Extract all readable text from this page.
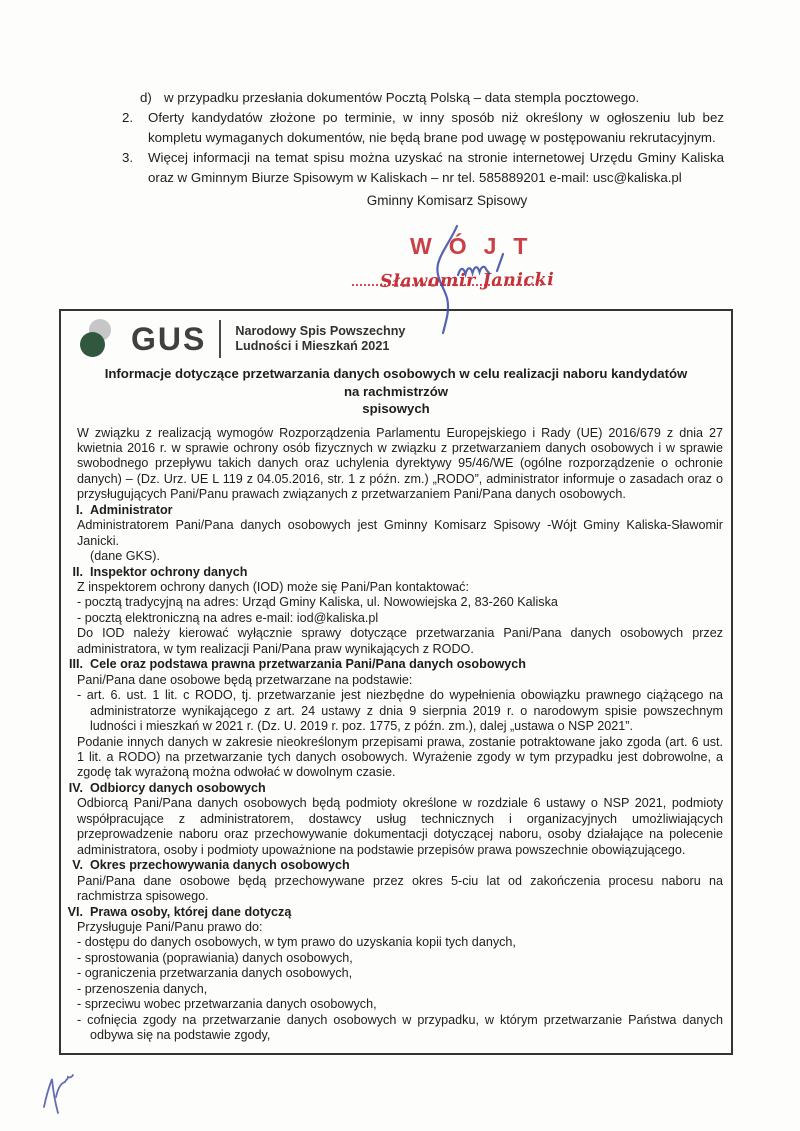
d) w przypadku przesłania dokumentów Pocztą Polską – data stempla pocztowego.
2.	Oferty kandydatów złożone po terminie, w inny sposób niż określony w ogłoszeniu lub bez kompletu wymaganych dokumentów, nie będą brane pod uwagę w postępowaniu rekrutacyjnym.
3.	Więcej informacji na temat spisu można uzyskać na stronie internetowej Urzędu Gminy Kaliska oraz w Gminnym Biurze Spisowym w Kaliskach – nr tel. 585889201 e-mail: usc@kaliska.pl
Gminny Komisarz Spisowy
WÓJT
Sławomir Janicki
GUS Narodowy Spis Powszechny
Ludności i Mieszkań 2021
Informacje dotyczące przetwarzania danych osobowych w celu realizacji naboru kandydatów na rachmistrzów
spisowych

W związku z realizacją wymogów Rozporządzenia Parlamentu Europejskiego i Rady (UE) 2016/679 z dnia 27 kwietnia 2016 r. w sprawie ochrony osób fizycznych w związku z przetwarzaniem danych osobowych i w sprawie swobodnego przepływu takich danych oraz uchylenia dyrektywy 95/46/WE (ogólne rozporządzenie o ochronie danych) – (Dz. Urz. UE L 119 z 04.05.2016, str. 1 z późn. zm.) „RODO”, administrator informuje o zasadach oraz o przysługujących Pani/Panu prawach związanych z przetwarzaniem Pani/Pana danych osobowych.

I. Administrator

Administratorem Pani/Pana danych osobowych jest Gminny Komisarz Spisowy -Wójt Gminy Kaliska-Sławomir Janicki.

(dane GKS).

II. Inspektor ochrony danych

Z inspektorem ochrony danych (IOD) może się Pani/Pan kontaktować:

- pocztą tradycyjną na adres: Urząd Gminy Kaliska, ul. Nowowiejska 2, 83-260 Kaliska

- pocztą elektroniczną na adres e-mail: iod@kaliska.pl

Do IOD należy kierować wyłącznie sprawy dotyczące przetwarzania Pani/Pana danych osobowych przez administratora, w tym realizacji Pani/Pana praw wynikających z RODO.

III. Cele oraz podstawa prawna przetwarzania Pani/Pana danych osobowych

Pani/Pana dane osobowe będą przetwarzane na podstawie:

- art. 6. ust. 1 lit. c RODO, tj. przetwarzanie jest niezbędne do wypełnienia obowiązku prawnego ciążącego na administratorze wynikającego z art. 24 ustawy z dnia 9 sierpnia 2019 r. o narodowym spisie powszechnym ludności i mieszkań w 2021 r. (Dz. U. 2019 r. poz. 1775, z późn. zm.), dalej „ustawa o NSP 2021”.

Podanie innych danych w zakresie nieokreślonym przepisami prawa, zostanie potraktowane jako zgoda (art. 6 ust. 1 lit. a RODO) na przetwarzanie tych danych osobowych. Wyrażenie zgody w tym przypadku jest dobrowolne, a zgodę tak wyrażoną można odwołać w dowolnym czasie.

IV. Odbiorcy danych osobowych

Odbiorcą Pani/Pana danych osobowych będą podmioty określone w rozdziale 6 ustawy o NSP 2021, podmioty współpracujące z administratorem, dostawcy usług technicznych i organizacyjnych umożliwiających przeprowadzenie naboru oraz przechowywanie dokumentacji dotyczącej naboru, osoby działające na polecenie administratora, osoby i podmioty upoważnione na podstawie przepisów prawa powszechnie obowiązującego.

V. Okres przechowywania danych osobowych

Pani/Pana dane osobowe będą przechowywane przez okres 5-ciu lat od zakończenia procesu naboru na rachmistrza spisowego.

VI. Prawa osoby, której dane dotyczą

Przysługuje Pani/Panu prawo do:

- dostępu do danych osobowych, w tym prawo do uzyskania kopii tych danych,

- sprostowania (poprawiania) danych osobowych,

- ograniczenia przetwarzania danych osobowych,

- przenoszenia danych,

- sprzeciwu wobec przetwarzania danych osobowych,

- cofnięcia zgody na przetwarzanie danych osobowych w przypadku, w którym przetwarzanie Państwa danych odbywa się na podstawie zgody,
